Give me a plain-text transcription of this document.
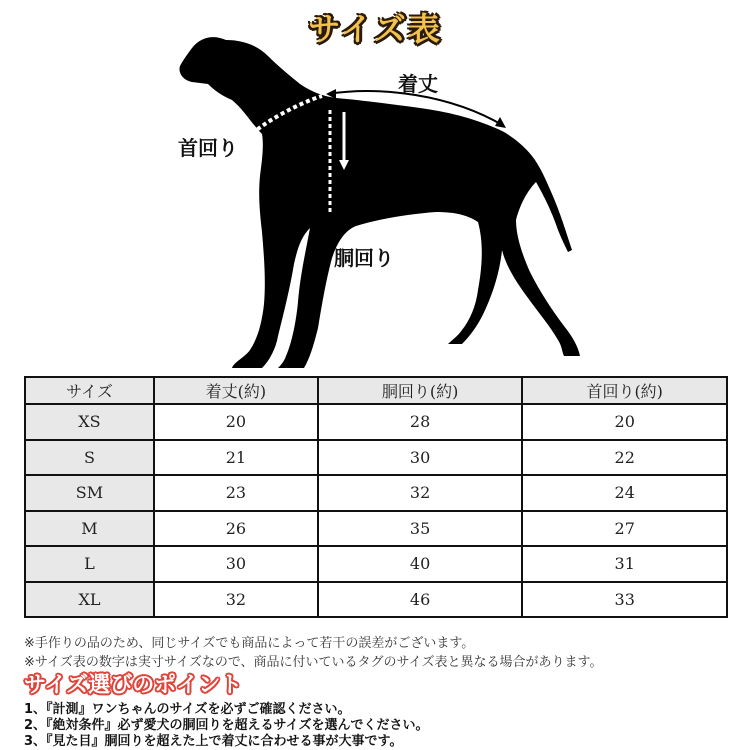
サイズ表
着丈
首回り
胴回り
サイズ	着丈(約)	胴回り(約)	首回り(約)
XS	20	28	20
S	21	30	22
SM	23	32	24
M	26	35	27
L	30	40	31
XL	32	46	33
※手作りの品のため、同じサイズでも商品によって若干の誤差がございます。
※サイズ表の数字は実寸サイズなので、商品に付いているタグのサイズ表と異なる場合があります。
サイズ選びのポイント
1、『計測』ワンちゃんのサイズを必ずご確認ください。
2、『絶対条件』必ず愛犬の胴回りを超えるサイズを選んでください。
3、『見た目』胴回りを超えた上で着丈に合わせる事が大事です。
